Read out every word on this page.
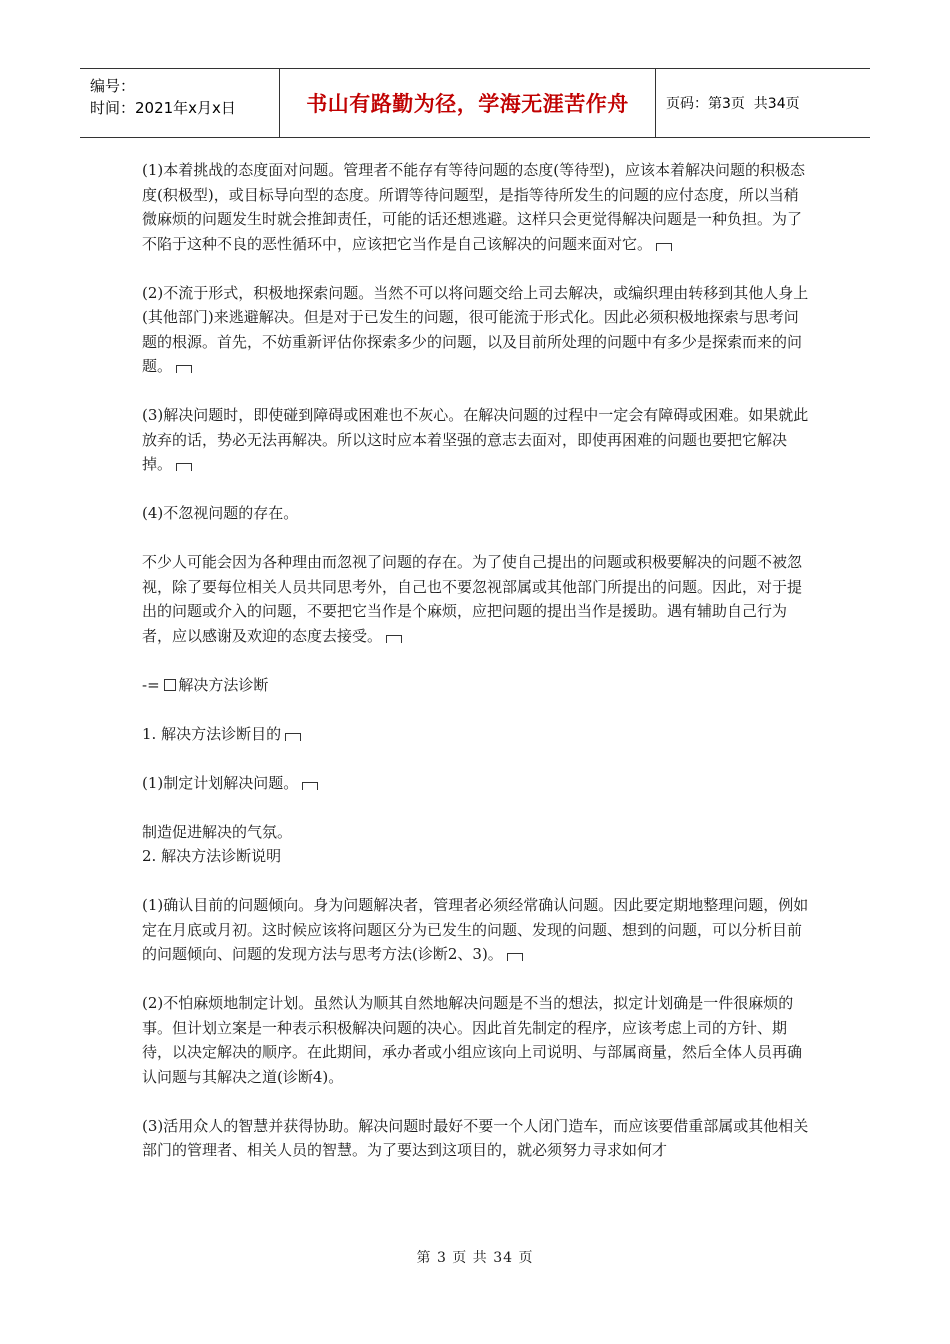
编号：
时间：2021年x月x日	书山有路勤为径，学海无涯苦作舟	页码：第3页  共34页

(1)本着挑战的态度面对问题。管理者不能存有等待问题的态度(等待型)，应该本着解决问题的积极态度(积极型)，或目标导向型的态度。所谓等待问题型，是指等待所发生的问题的应付态度，所以当稍微麻烦的问题发生时就会推卸责任，可能的话还想逃避。这样只会更觉得解决问题是一种负担。为了不陷于这种不良的恶性循环中，应该把它当作是自己该解决的问题来面对它。

(2)不流于形式，积极地探索问题。当然不可以将问题交给上司去解决，或编织理由转移到其他人身上(其他部门)来逃避解决。但是对于已发生的问题，很可能流于形式化。因此必须积极地探索与思考问题的根源。首先，不妨重新评估你探索多少的问题，以及目前所处理的问题中有多少是探索而来的问题。

(3)解决问题时，即使碰到障碍或困难也不灰心。在解决问题的过程中一定会有障碍或困难。如果就此放弃的话，势必无法再解决。所以这时应本着坚强的意志去面对，即使再困难的问题也要把它解决掉。

(4)不忽视问题的存在。

不少人可能会因为各种理由而忽视了问题的存在。为了使自己提出的问题或积极要解决的问题不被忽视，除了要每位相关人员共同思考外，自己也不要忽视部属或其他部门所提出的问题。因此，对于提出的问题或介入的问题，不要把它当作是个麻烦，应把问题的提出当作是援助。遇有辅助自己行为者，应以感谢及欢迎的态度去接受。

-= 解决方法诊断

1. 解决方法诊断目的

(1)制定计划解决问题。

制造促进解决的气氛。

2. 解决方法诊断说明

(1)确认目前的问题倾向。身为问题解决者，管理者必须经常确认问题。因此要定期地整理问题，例如定在月底或月初。这时候应该将问题区分为已发生的问题、发现的问题、想到的问题，可以分析目前的问题倾向、问题的发现方法与思考方法(诊断2、3)。

(2)不怕麻烦地制定计划。虽然认为顺其自然地解决问题是不当的想法，拟定计划确是一件很麻烦的事。但计划立案是一种表示积极解决问题的决心。因此首先制定的程序，应该考虑上司的方针、期待，以决定解决的顺序。在此期间，承办者或小组应该向上司说明、与部属商量，然后全体人员再确认问题与其解决之道(诊断4)。

(3)活用众人的智慧并获得协助。解决问题时最好不要一个人闭门造车，而应该要借重部属或其他相关部门的管理者、相关人员的智慧。为了要达到这项目的，就必须努力寻求如何才

第 3 页 共 34 页
